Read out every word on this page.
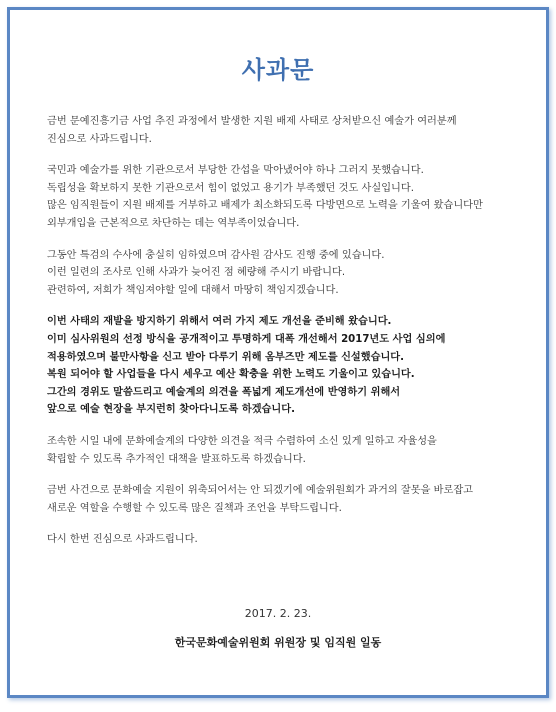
사과문
금번 문예진흥기금 사업 추진 과정에서 발생한 지원 배제 사태로 상처받으신 예술가 여러분께
진심으로 사과드립니다.
국민과 예술가를 위한 기관으로서 부당한 간섭을 막아냈어야 하나 그러지 못했습니다.
독립성을 확보하지 못한 기관으로서 힘이 없었고 용기가 부족했던 것도 사실입니다.
많은 임직원들이 지원 배제를 거부하고 배제가 최소화되도록 다방면으로 노력을 기울여 왔습니다만
외부개입을 근본적으로 차단하는 데는 역부족이었습니다.
그동안 특검의 수사에 충실히 임하였으며 감사원 감사도 진행 중에 있습니다.
이런 일련의 조사로 인해 사과가 늦어진 점 혜량해 주시기 바랍니다.
관련하여, 저희가 책임져야할 일에 대해서 마땅히 책임지겠습니다.
이번 사태의 재발을 방지하기 위해서 여러 가지 제도 개선을 준비해 왔습니다.
이미 심사위원의 선정 방식을 공개적이고 투명하게 대폭 개선해서 2017년도 사업 심의에
적용하였으며 불만사항을 신고 받아 다루기 위해 옴부즈만 제도를 신설했습니다.
복원 되어야 할 사업들을 다시 세우고 예산 확충을 위한 노력도 기울이고 있습니다.
그간의 경위도 말씀드리고 예술계의 의견을 폭넓게 제도개선에 반영하기 위해서
앞으로 예술 현장을 부지런히 찾아다니도록 하겠습니다.
조속한 시일 내에 문화예술계의 다양한 의견을 적극 수렴하여 소신 있게 일하고 자율성을
확립할 수 있도록 추가적인 대책을 발표하도록 하겠습니다.
금번 사건으로 문화예술 지원이 위축되어서는 안 되겠기에 예술위원회가 과거의 잘못을 바로잡고
새로운 역할을 수행할 수 있도록 많은 질책과 조언을 부탁드립니다.
다시 한번 진심으로 사과드립니다.
2017. 2. 23.
한국문화예술위원회 위원장 및 임직원 일동
